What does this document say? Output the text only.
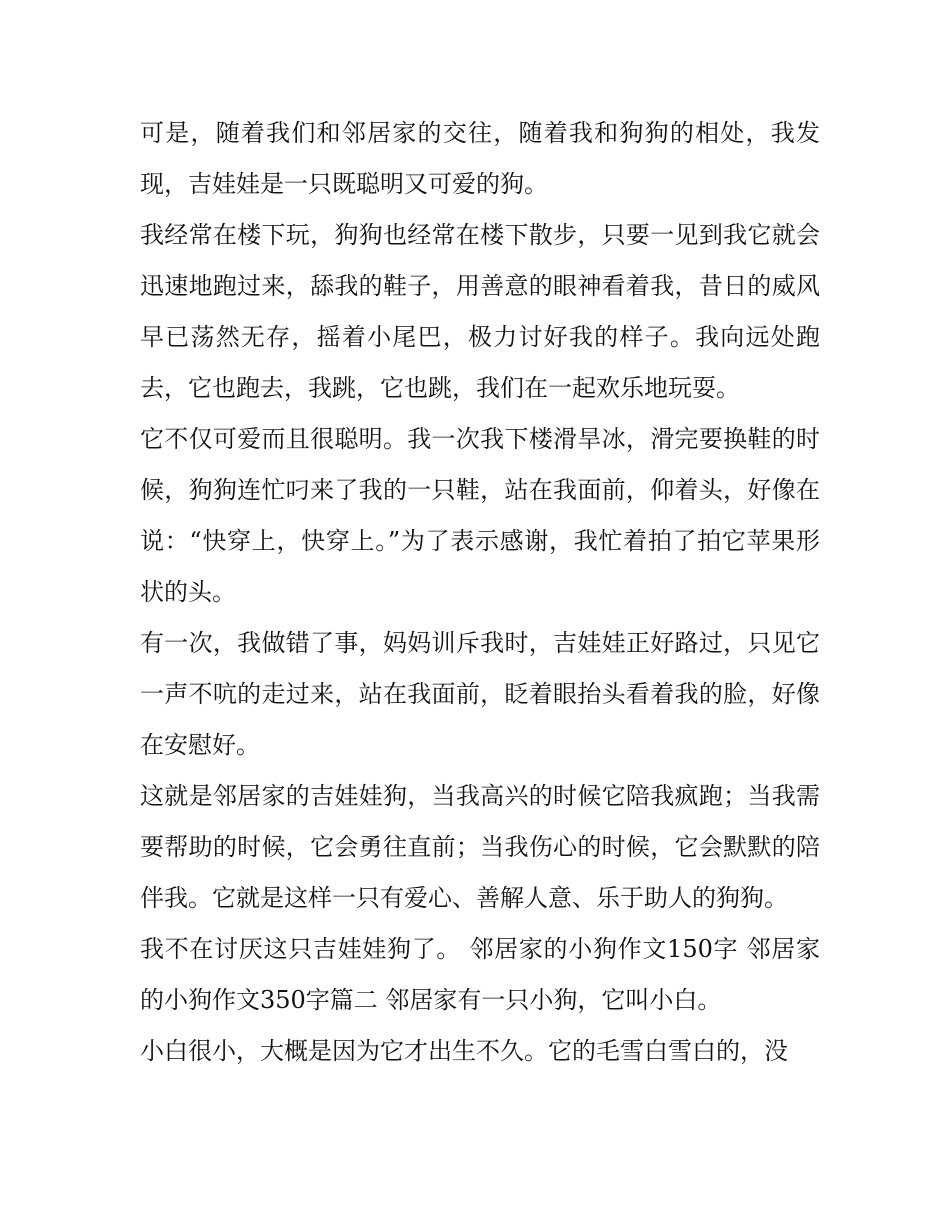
可是，随着我们和邻居家的交往，随着我和狗狗的相处，我发现，吉娃娃是一只既聪明又可爱的狗。

我经常在楼下玩，狗狗也经常在楼下散步，只要一见到我它就会迅速地跑过来，舔我的鞋子，用善意的眼神看着我，昔日的威风早已荡然无存，摇着小尾巴，极力讨好我的样子。我向远处跑去，它也跑去，我跳，它也跳，我们在一起欢乐地玩耍。

它不仅可爱而且很聪明。我一次我下楼滑旱冰，滑完要换鞋的时候，狗狗连忙叼来了我的一只鞋，站在我面前，仰着头，好像在说：“快穿上，快穿上。”为了表示感谢，我忙着拍了拍它苹果形状的头。

有一次，我做错了事，妈妈训斥我时，吉娃娃正好路过，只见它一声不吭的走过来，站在我面前，眨着眼抬头看着我的脸，好像在安慰好。

这就是邻居家的吉娃娃狗，当我高兴的时候它陪我疯跑；当我需要帮助的时候，它会勇往直前；当我伤心的时候，它会默默的陪伴我。它就是这样一只有爱心、善解人意、乐于助人的狗狗。

我不在讨厌这只吉娃娃狗了。 邻居家的小狗作文150字 邻居家的小狗作文350字篇二 邻居家有一只小狗，它叫小白。

小白很小，大概是因为它才出生不久。它的毛雪白雪白的，没
